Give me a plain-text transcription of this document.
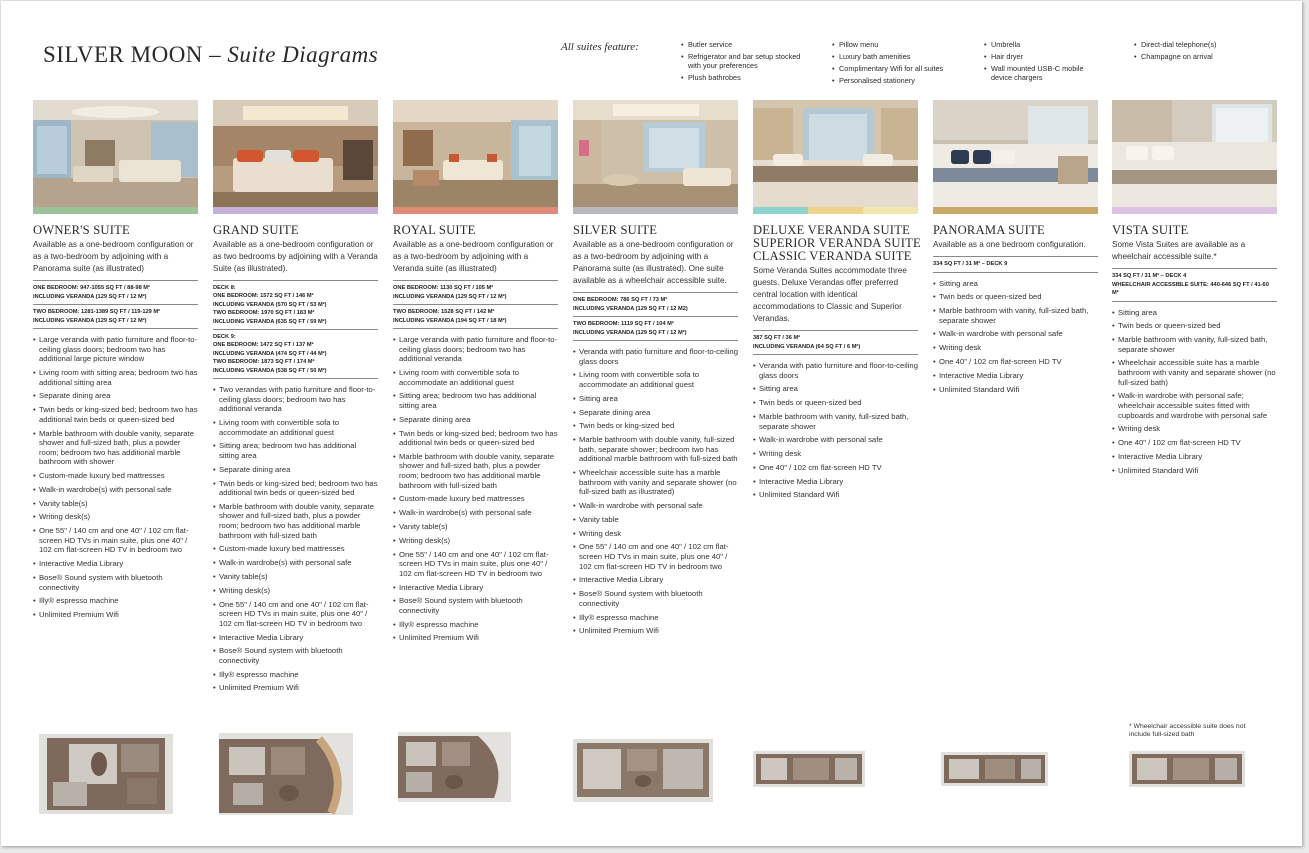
SILVER MOON – Suite Diagrams	All suites feature:
•	Butler service
• Refrigerator and bar setup stocked with your preferences
• Plush bathrobes
• Pillow menu
• Luxury bath amenities
• Complimentary Wifi for all suites
• Personalised stationery
• Umbrella
• Hair dryer
• Wall mounted USB-C mobile device chargers
• Direct-dial telephone(s)
• Champagne on arrival
OWNER'S SUITE
Available as a one-bedroom configuration or as a two-bedroom by adjoining with a Panorama suite (as illustrated)
ONE BEDROOM: 947-1055 SQ FT / 88-98 M²
INCLUDING VERANDA (129 SQ FT / 12 M²)
TWO BEDROOM: 1281-1389 SQ FT / 119-129 M²
INCLUDING VERANDA (129 SQ FT / 12 M²)
• Large veranda with patio furniture and floor-to-ceiling glass doors; bedroom two has additional large picture window
• Living room with sitting area; bedroom two has additional sitting area
• Separate dining area
• Twin beds or king-sized bed; bedroom two has additional twin beds or queen-sized bed
• Marble bathroom with double vanity, separate shower and full-sized bath, plus a powder room; bedroom two has additional marble bathroom with shower
• Custom-made luxury bed mattresses
• Walk-in wardrobe(s) with personal safe
• Vanity table(s)
• Writing desk(s)
• One 55" / 140 cm and one 40" / 102 cm flat-screen HD TVs in main suite, plus one 40" / 102 cm flat-screen HD TV in bedroom two
• Interactive Media Library
• Bose® Sound system with bluetooth connectivity
• Illy® espresso machine
• Unlimited Premium Wifi
GRAND SUITE
Available as a one-bedroom configuration or as two bedrooms by adjoining with a Veranda Suite (as illustrated).
DECK 8:
ONE BEDROOM: 1572 SQ FT / 146 M²
INCLUDING VERANDA (570 SQ FT / 53 M²)
TWO BEDROOM: 1970 SQ FT / 183 M²
INCLUDING VERANDA (635 SQ FT / 59 M²)
DECK 9:
ONE BEDROOM: 1472 SQ FT / 137 M²
INCLUDING VERANDA (474 SQ FT / 44 M²)
TWO BEDROOM: 1873 SQ FT / 174 M²
INCLUDING VERANDA (538 SQ FT / 50 M²)
• Two verandas with patio furniture and floor-to-ceiling glass doors; bedroom two has additional veranda
• Living room with convertible sofa to accommodate an additional guest
• Sitting area; bedroom two has additional sitting area
• Separate dining area
• Twin beds or king-sized bed; bedroom two has additional twin beds or queen-sized bed
• Marble bathroom with double vanity, separate shower and full-sized bath, plus a powder room; bedroom two has additional marble bathroom with full-sized bath
• Custom-made luxury bed mattresses
• Walk-in wardrobe(s) with personal safe
• Vanity table(s)
• Writing desk(s)
• One 55" / 140 cm and one 40" / 102 cm flat-screen HD TVs in main suite, plus one 40" / 102 cm flat-screen HD TV in bedroom two
• Interactive Media Library
• Bose® Sound system with bluetooth connectivity
• Illy® espresso machine
• Unlimited Premium Wifi
ROYAL SUITE
Available as a one-bedroom configuration or as a two-bedroom by adjoining with a Veranda suite (as illustrated)
ONE BEDROOM: 1130 SQ FT / 105 M²
INCLUDING VERANDA (129 SQ FT / 12 M²)
TWO BEDROOM: 1528 SQ FT / 142 M²
INCLUDING VERANDA (194 SQ FT / 18 M²)
• Large veranda with patio furniture and floor-to-ceiling glass doors; bedroom two has additional veranda
• Living room with convertible sofa to accommodate an additional guest
• Sitting area; bedroom two has additional sitting area
• Separate dining area
• Twin beds or king-sized bed; bedroom two has additional twin beds or queen-sized bed
• Marble bathroom with double vanity, separate shower and full-sized bath, plus a powder room; bedroom two has additional marble bathroom with full-sized bath
• Custom-made luxury bed mattresses
• Walk-in wardrobe(s) with personal safe
• Vanity table(s)
• Writing desk(s)
• One 55" / 140 cm and one 40" / 102 cm flat-screen HD TVs in main suite, plus one 40" / 102 cm flat-screen HD TV in bedroom two
• Interactive Media Library
• Bose® Sound system with bluetooth connectivity
• Illy® espresso machine
• Unlimited Premium Wifi
SILVER SUITE
Available as a one-bedroom configuration or as a two-bedroom by adjoining with a Panorama suite (as illustrated). One suite available as a wheelchair accessible suite.
ONE BEDROOM: 786 SQ FT / 73 M²
INCLUDING VERANDA (129 SQ FT / 12 M2)
TWO BEDROOM: 1119 SQ FT / 104 M²
INCLUDING VERANDA (129 SQ FT / 12 M²)
• Veranda with patio furniture and floor-to-ceiling glass doors
• Living room with convertible sofa to accommodate an additional guest
• Sitting area
• Separate dining area
• Twin beds or king-sized bed
• Marble bathroom with double vanity, full-sized bath, separate shower; bedroom two has additional marble bathroom with full-sized bath
• Wheelchair accessible suite has a marble bathroom with vanity and separate shower (no full-sized bath as illustrated)
• Walk-in wardrobe with personal safe
• Vanity table
• Writing desk
• One 55" / 140 cm and one 40" / 102 cm flat-screen HD TVs in main suite, plus one 40" / 102 cm flat-screen HD TV in bedroom two
• Interactive Media Library
• Bose® Sound system with bluetooth connectivity
• Illy® espresso machine
• Unlimited Premium Wifi
DELUXE VERANDA SUITE
SUPERIOR VERANDA SUITE
CLASSIC VERANDA SUITE
Some Veranda Suites accommodate three guests. Deluxe Verandas offer preferred central location with identical accommodations to Classic and Superior Verandas.
387 SQ FT / 36 M²
INCLUDING VERANDA (64 SQ FT / 6 M²)
• Veranda with patio furniture and floor-to-ceiling glass doors
• Sitting area
• Twin beds or queen-sized bed
• Marble bathroom with vanity, full-sized bath, separate shower
• Walk-in wardrobe with personal safe
• Writing desk
• One 40" / 102 cm flat-screen HD TV
• Interactive Media Library
• Unlimited Standard Wifi
PANORAMA SUITE
Available as a one bedroom configuration.
334 SQ FT / 31 M² – DECK 9
• Sitting area
• Twin beds or queen-sized bed
• Marble bathroom with vanity, full-sized bath, separate shower
• Walk-in wardrobe with personal safe
• Writing desk
• One 40" / 102 cm flat-screen HD TV
• Interactive Media Library
• Unlimited Standard Wifi
VISTA SUITE
Some Vista Suites are available as a wheelchair accessible suite.*
334 SQ FT / 31 M² – DECK 4
WHEELCHAIR ACCESSIBLE SUITE: 440-646 SQ FT / 41-60 M²
• Sitting area
• Twin beds or queen-sized bed
• Marble bathroom with vanity, full-sized bath, separate shower
• Wheelchair accessible suite has a marble bathroom with vanity and separate shower (no full-sized bath)
• Walk-in wardrobe with personal safe; wheelchair accessible suites fitted with cupboards and wardrobe with personal safe
• Writing desk
• One 40" / 102 cm flat-screen HD TV
• Interactive Media Library
• Unlimited Standard Wifi
* Wheelchair accessible suite does not include full-sized bath
